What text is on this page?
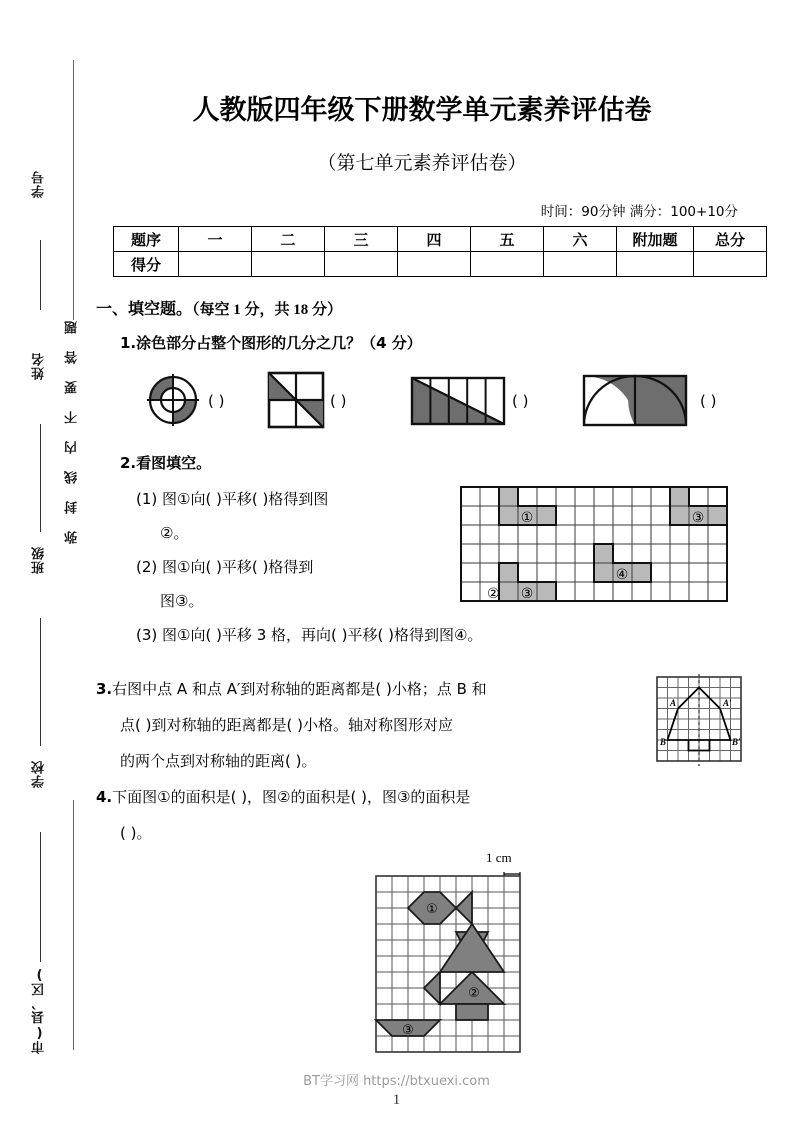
学号
姓名
班级
学校
市(县、区)
弥 封 线 内 不 要 答 题
人教版四年级下册数学单元素养评估卷
（第七单元素养评估卷）
时间：90分钟 满分：100+10分
题序	一	二	三	四	五	六	附加题	总分
得分								
一、填空题。（每空 1 分，共 18 分）
1.涂色部分占整个图形的几分之几？（4 分）
( )	( )	( )	( )
2.看图填空。
(1) 图①向( )平移( )格得到图
②。
(2) 图①向( )平移( )格得到
图③。
(3) 图①向( )平移 3 格，再向( )平移( )格得到图④。
①
③
③
④
②
3.右图中点 A 和点 A′到对称轴的距离都是( )小格；点 B 和
点( )到对称轴的距离都是( )小格。轴对称图形对应
的两个点到对称轴的距离( )。
A	A′
B	B′
4.下面图①的面积是( )，图②的面积是( )，图③的面积是
( )。
1 cm
①
②
③
BT学习网 https://btxuexi.com
1
